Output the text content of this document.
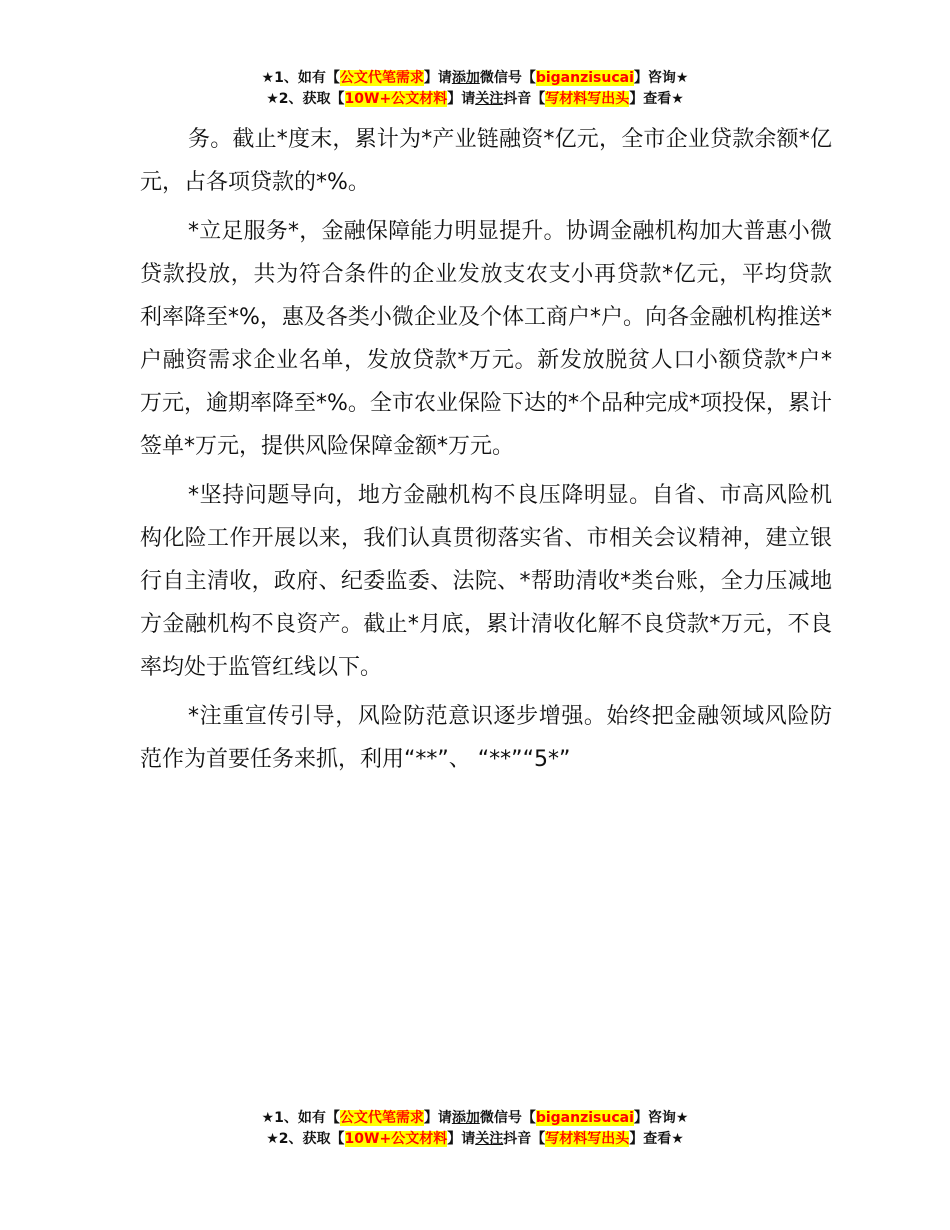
★1、如有【公文代笔需求】请添加微信号【biganzisucai】咨询★
★2、获取【10W+公文材料】请关注抖音【写材料写出头】查看★

务。截止*度末，累计为*产业链融资*亿元，全市企业贷款余额*亿元，占各项贷款的*%。

*立足服务*，金融保障能力明显提升。协调金融机构加大普惠小微贷款投放，共为符合条件的企业发放支农支小再贷款*亿元，平均贷款利率降至*%，惠及各类小微企业及个体工商户*户。向各金融机构推送*户融资需求企业名单，发放贷款*万元。新发放脱贫人口小额贷款*户*万元，逾期率降至*%。全市农业保险下达的*个品种完成*项投保，累计签单*万元，提供风险保障金额*万元。

*坚持问题导向，地方金融机构不良压降明显。自省、市高风险机构化险工作开展以来，我们认真贯彻落实省、市相关会议精神，建立银行自主清收，政府、纪委监委、法院、*帮助清收*类台账，全力压减地方金融机构不良资产。截止*月底，累计清收化解不良贷款*万元，不良率均处于监管红线以下。

*注重宣传引导，风险防范意识逐步增强。始终把金融领域风险防范作为首要任务来抓，利用“**”、 “**”“5*”

★1、如有【公文代笔需求】请添加微信号【biganzisucai】咨询★
★2、获取【10W+公文材料】请关注抖音【写材料写出头】查看★
